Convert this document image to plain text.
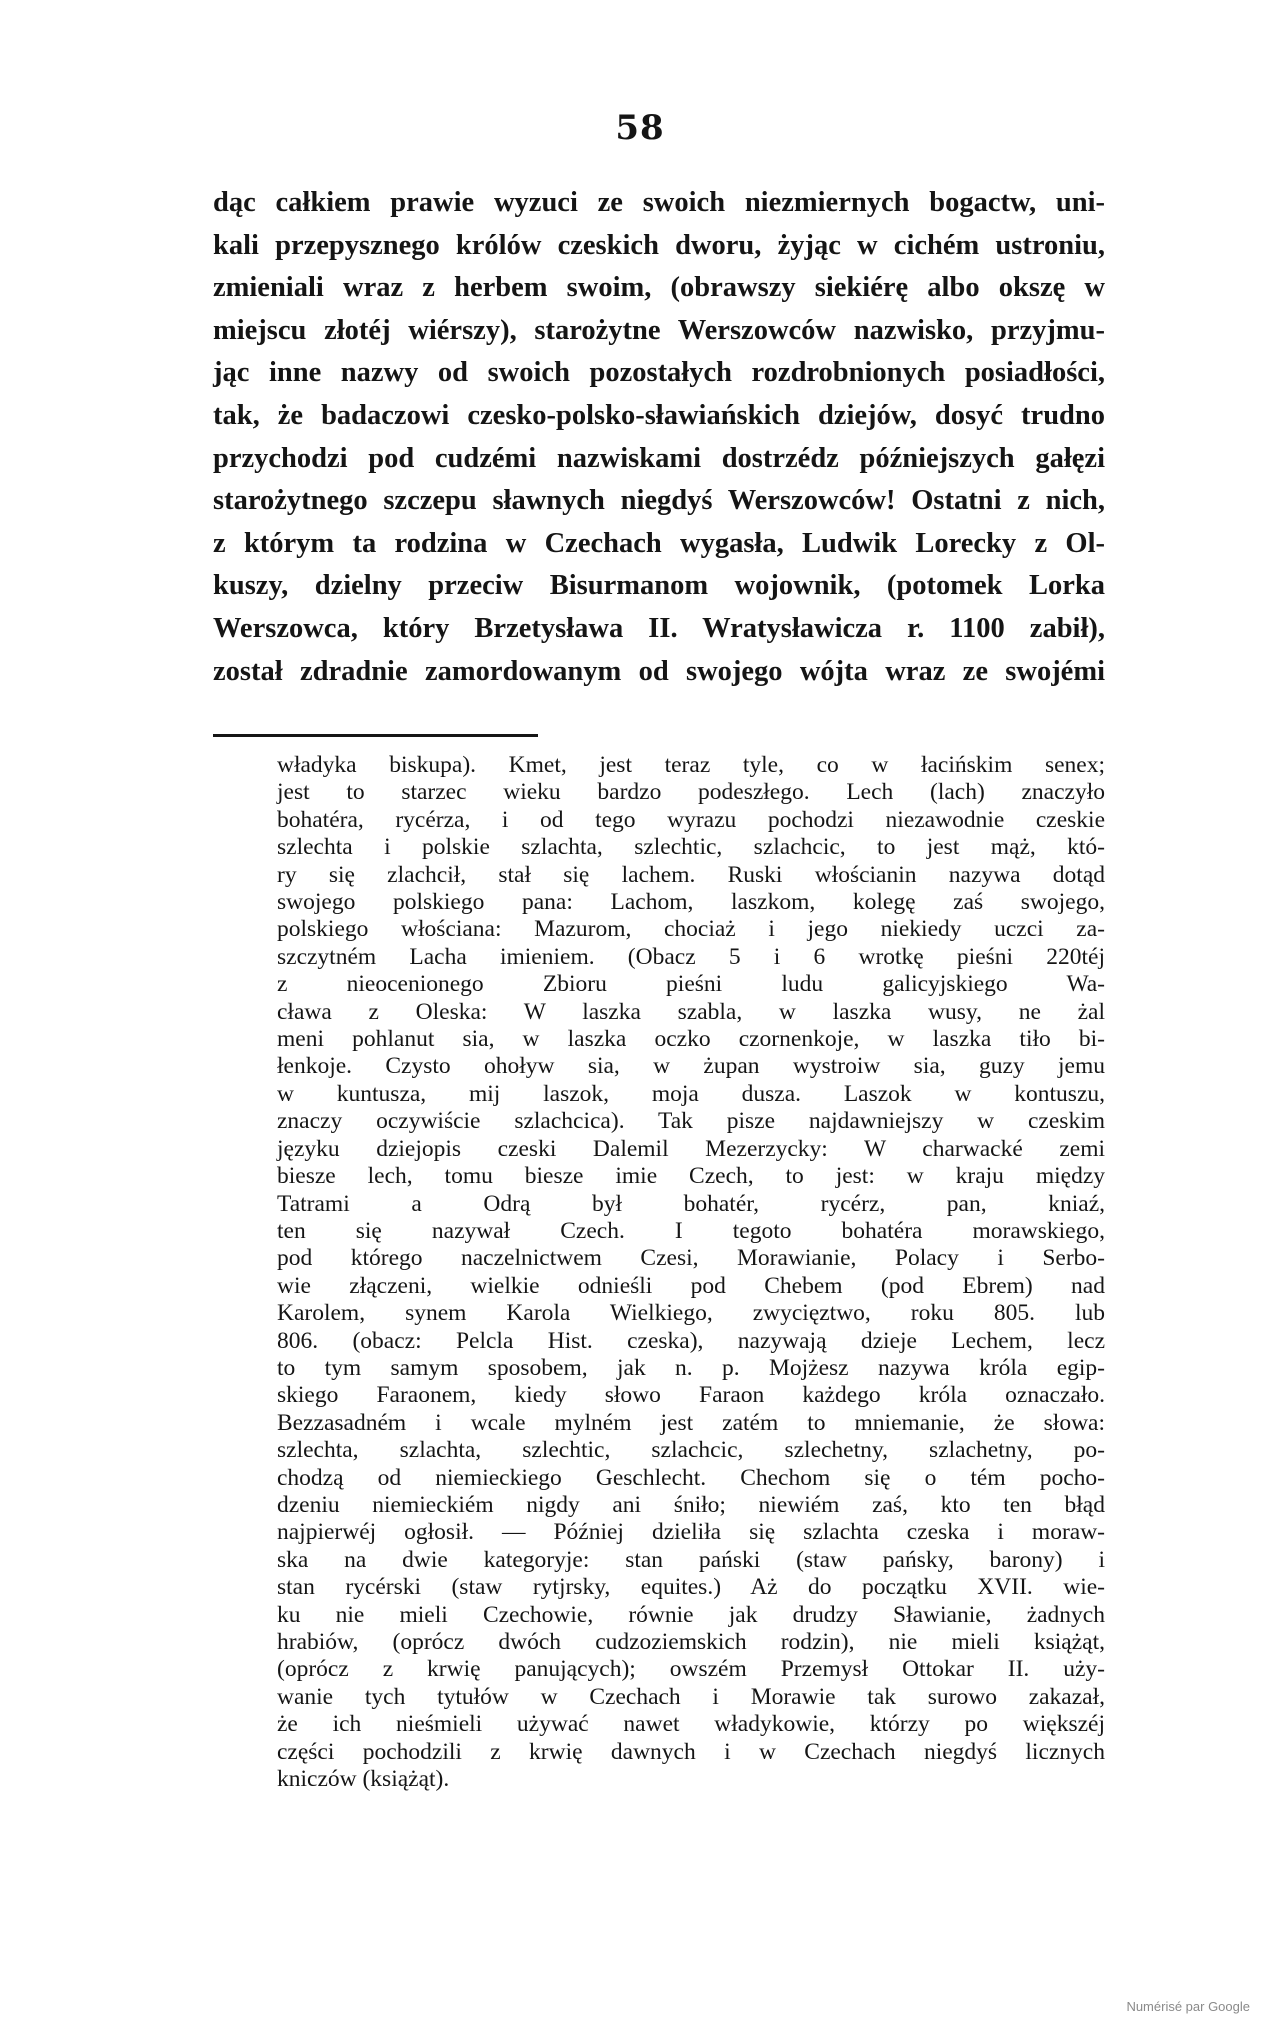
58
dąc całkiem prawie wyzuci ze swoich niezmiernych bogactw, uni-
kali przepysznego królów czeskich dworu, żyjąc w cichém ustroniu,
zmieniali wraz z herbem swoim, (obrawszy siekiérę albo okszę w
miejscu złotéj wiérszy), starożytne Werszowców nazwisko, przyjmu-
jąc inne nazwy od swoich pozostałych rozdrobnionych posiadłości,
tak, że badaczowi czesko-polsko-sławiańskich dziejów, dosyć trudno
przychodzi pod cudzémi nazwiskami dostrzédz późniejszych gałęzi
starożytnego szczepu sławnych niegdyś Werszowców! Ostatni z nich,
z którym ta rodzina w Czechach wygasła, Ludwik Lorecky z Ol-
kuszy, dzielny przeciw Bisurmanom wojownik, (potomek Lorka
Werszowca, który Brzetysława II. Wratysławicza r. 1100 zabił),
został zdradnie zamordowanym od swojego wójta wraz ze swojémi
władyka biskupa). Kmet, jest teraz tyle, co w łacińskim senex;
jest to starzec wieku bardzo podeszłego. Lech (lach) znaczyło
bohatéra, rycérza, i od tego wyrazu pochodzi niezawodnie czeskie
szlechta i polskie szlachta, szlechtic, szlachcic, to jest mąż, któ-
ry się zlachcił, stał się lachem. Ruski włościanin nazywa dotąd
swojego polskiego pana: Lachom, laszkom, kolegę zaś swojego,
polskiego włościana: Mazurom, chociaż i jego niekiedy uczci za-
szczytném Lacha imieniem. (Obacz 5 i 6 wrotkę pieśni 220téj
z nieocenionego Zbioru pieśni ludu galicyjskiego Wa-
cława z Oleska: W laszka szabla, w laszka wusy, ne żal
meni pohlanut sia, w laszka oczko czornenkoje, w laszka tiło bi-
łenkoje. Czysto ohoływ sia, w żupan wystroiw sia, guzy jemu
w kuntusza, mij laszok, moja dusza. Laszok w kontuszu,
znaczy oczywiście szlachcica). Tak pisze najdawniejszy w czeskim
języku dziejopis czeski Dalemil Mezerzycky: W charwacké zemi
biesze lech, tomu biesze imie Czech, to jest: w kraju między
Tatrami a Odrą był bohatér, rycérz, pan, kniaź,
ten się nazywał Czech. I tegoto bohatéra morawskiego,
pod którego naczelnictwem Czesi, Morawianie, Polacy i Serbo-
wie złączeni, wielkie odnieśli pod Chebem (pod Ebrem) nad
Karolem, synem Karola Wielkiego, zwycięztwo, roku 805. lub
806. (obacz: Pelcla Hist. czeska), nazywają dzieje Lechem, lecz
to tym samym sposobem, jak n. p. Mojżesz nazywa króla egip-
skiego Faraonem, kiedy słowo Faraon każdego króla oznaczało.
Bezzasadném i wcale mylném jest zatém to mniemanie, że słowa:
szlechta, szlachta, szlechtic, szlachcic, szlechetny, szlachetny, po-
chodzą od niemieckiego Geschlecht. Chechom się o tém pocho-
dzeniu niemieckiém nigdy ani śniło; niewiém zaś, kto ten błąd
najpierwéj ogłosił. — Później dzieliła się szlachta czeska i moraw-
ska na dwie kategoryje: stan pański (staw pańsky, barony) i
stan rycérski (staw rytjrsky, equites.) Aż do początku XVII. wie-
ku nie mieli Czechowie, równie jak drudzy Sławianie, żadnych
hrabiów, (oprócz dwóch cudzoziemskich rodzin), nie mieli książąt,
(oprócz z krwię panujących); owszém Przemysł Ottokar II. uży-
wanie tych tytułów w Czechach i Morawie tak surowo zakazał,
że ich nieśmieli używać nawet władykowie, którzy po większéj
części pochodzili z krwię dawnych i w Czechach niegdyś licznych
kniczów (książąt).
Numérisé par Google
